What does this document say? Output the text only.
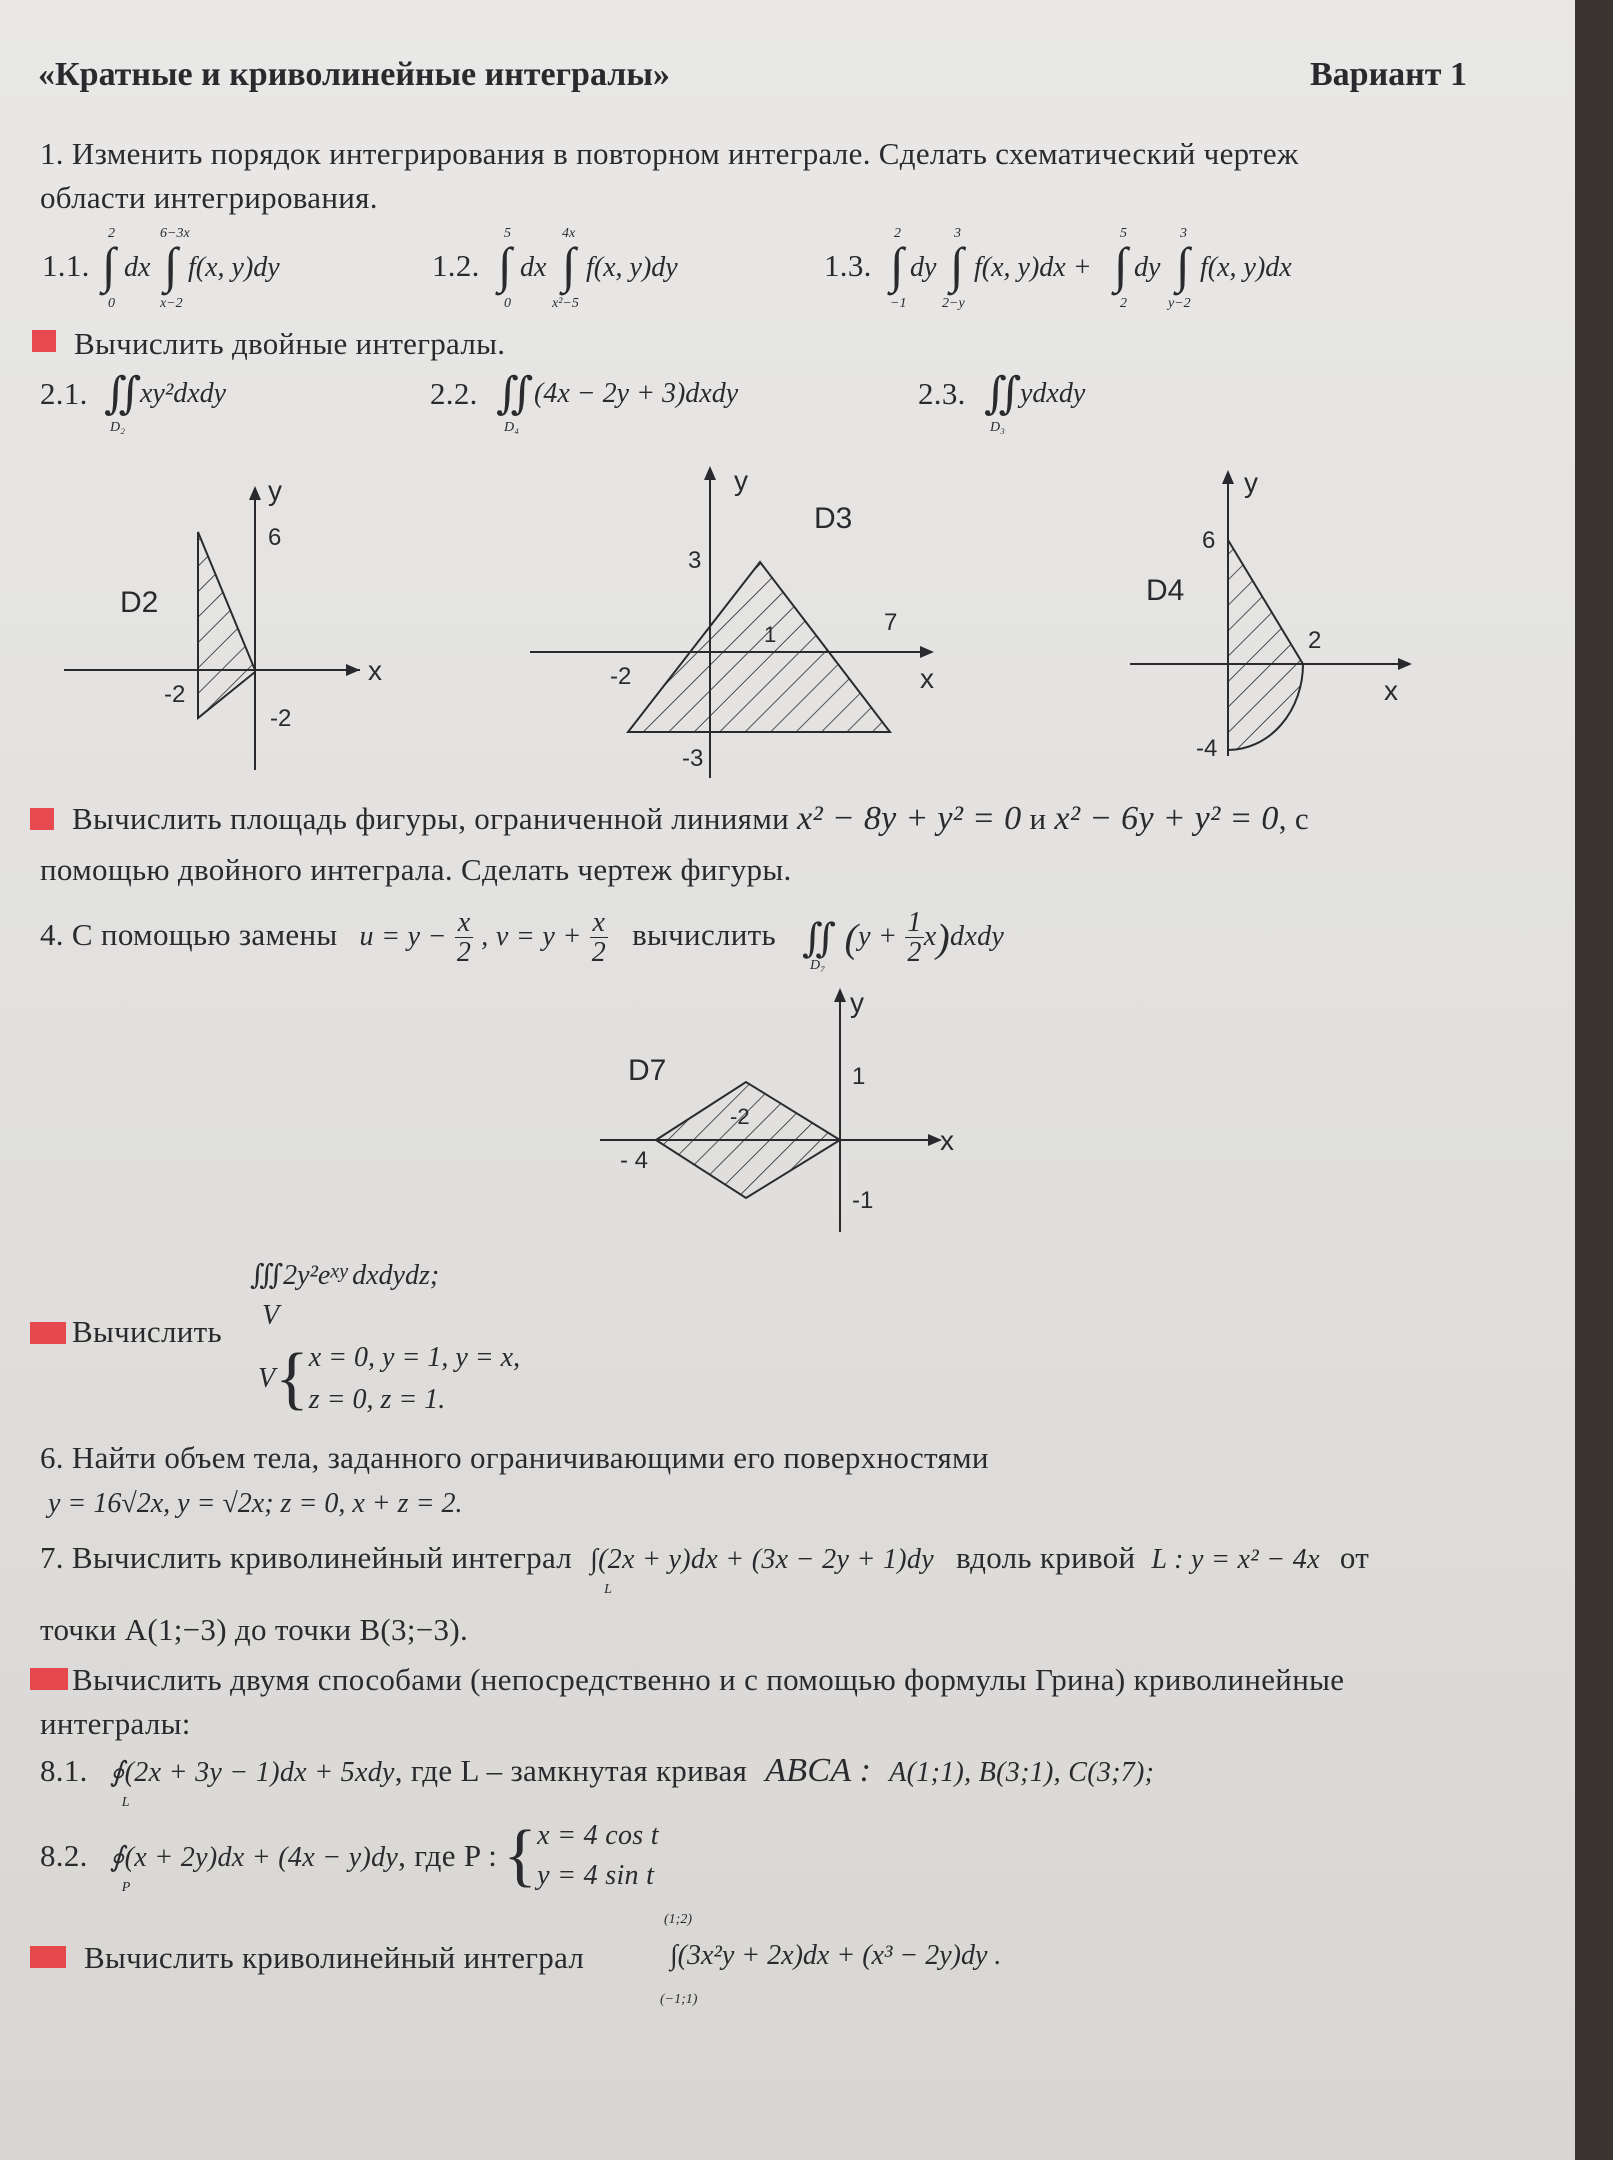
«Кратные и криволинейные интегралы»	Вариант 1
1. Изменить порядок интегрирования в повторном интеграле. Сделать схематический чертеж
области интегрирования.
1.1.
2
∫
0
dx
6−3x
∫
x−2
f(x, y)dy	1.2.
5
∫
0
dx
4x
∫
x²−5
f(x, y)dy	1.3.
2
∫
−1
dy
3
∫
2−y
f(x, y)dx +
5
∫
2
dy
3
∫
y−2
f(x, y)dx
Вычислить двойные интегралы.
2.1. ∬
D₂
xy²dxdy	2.2. ∬
D₄
(4x − 2y + 3)dxdy	2.3. ∬
D₃
ydxdy
y
x
6
-2
-2
D2
y
x
3
7
-2
-3
1
D3
y
x
6
2
-4
D4
y
x
1
-1
- 4
-2
D7
Вычислить площадь фигуры, ограниченной линиями x² − 8y + y² = 0 и x² − 6y + y² = 0, с
помощью двойного интеграла. Сделать чертеж фигуры.
4. С помощью замены $u = y - \frac{x}{2}$ , $v = y + \frac{x}{2}$ вычислить ∬
D₇
($y + \frac{1}{2}$ x)dxdy
$∭2y^2e^{xy}$ dxdydz;
V
Вычислить
V{ x = 0, y = 1, y = x,
z = 0, z = 1.
6. Найти объем тела, заданного ограничивающими его поверхностями
y = 16√2x, y = √2x; z = 0, x + z = 2.
7. Вычислить криволинейный интеграл ∫(2x + y)dx + (3x − 2y + 1)dy
L
вдоль кривой L : y = x² − 4x от
точки A(1;−3) до точки B(3;−3).
Вычислить двумя способами (непосредственно и с помощью формулы Грина) криволинейные
интегралы:
8.1. ∮(2x + 3y − 1)dx + 5xdy
L
, где L – замкнутая кривая ABCA : A(1;1), B(3;1), C(3;7);
8.2. ∮(x + 2y)dx + (4x − y)dy
P
, где P :{ x = 4 cos t
y = 4 sin t
Вычислить криволинейный интеграл
(1;2)
∫(3x²y + 2x)dx + (x³ − 2y)dy .
(−1;1)
